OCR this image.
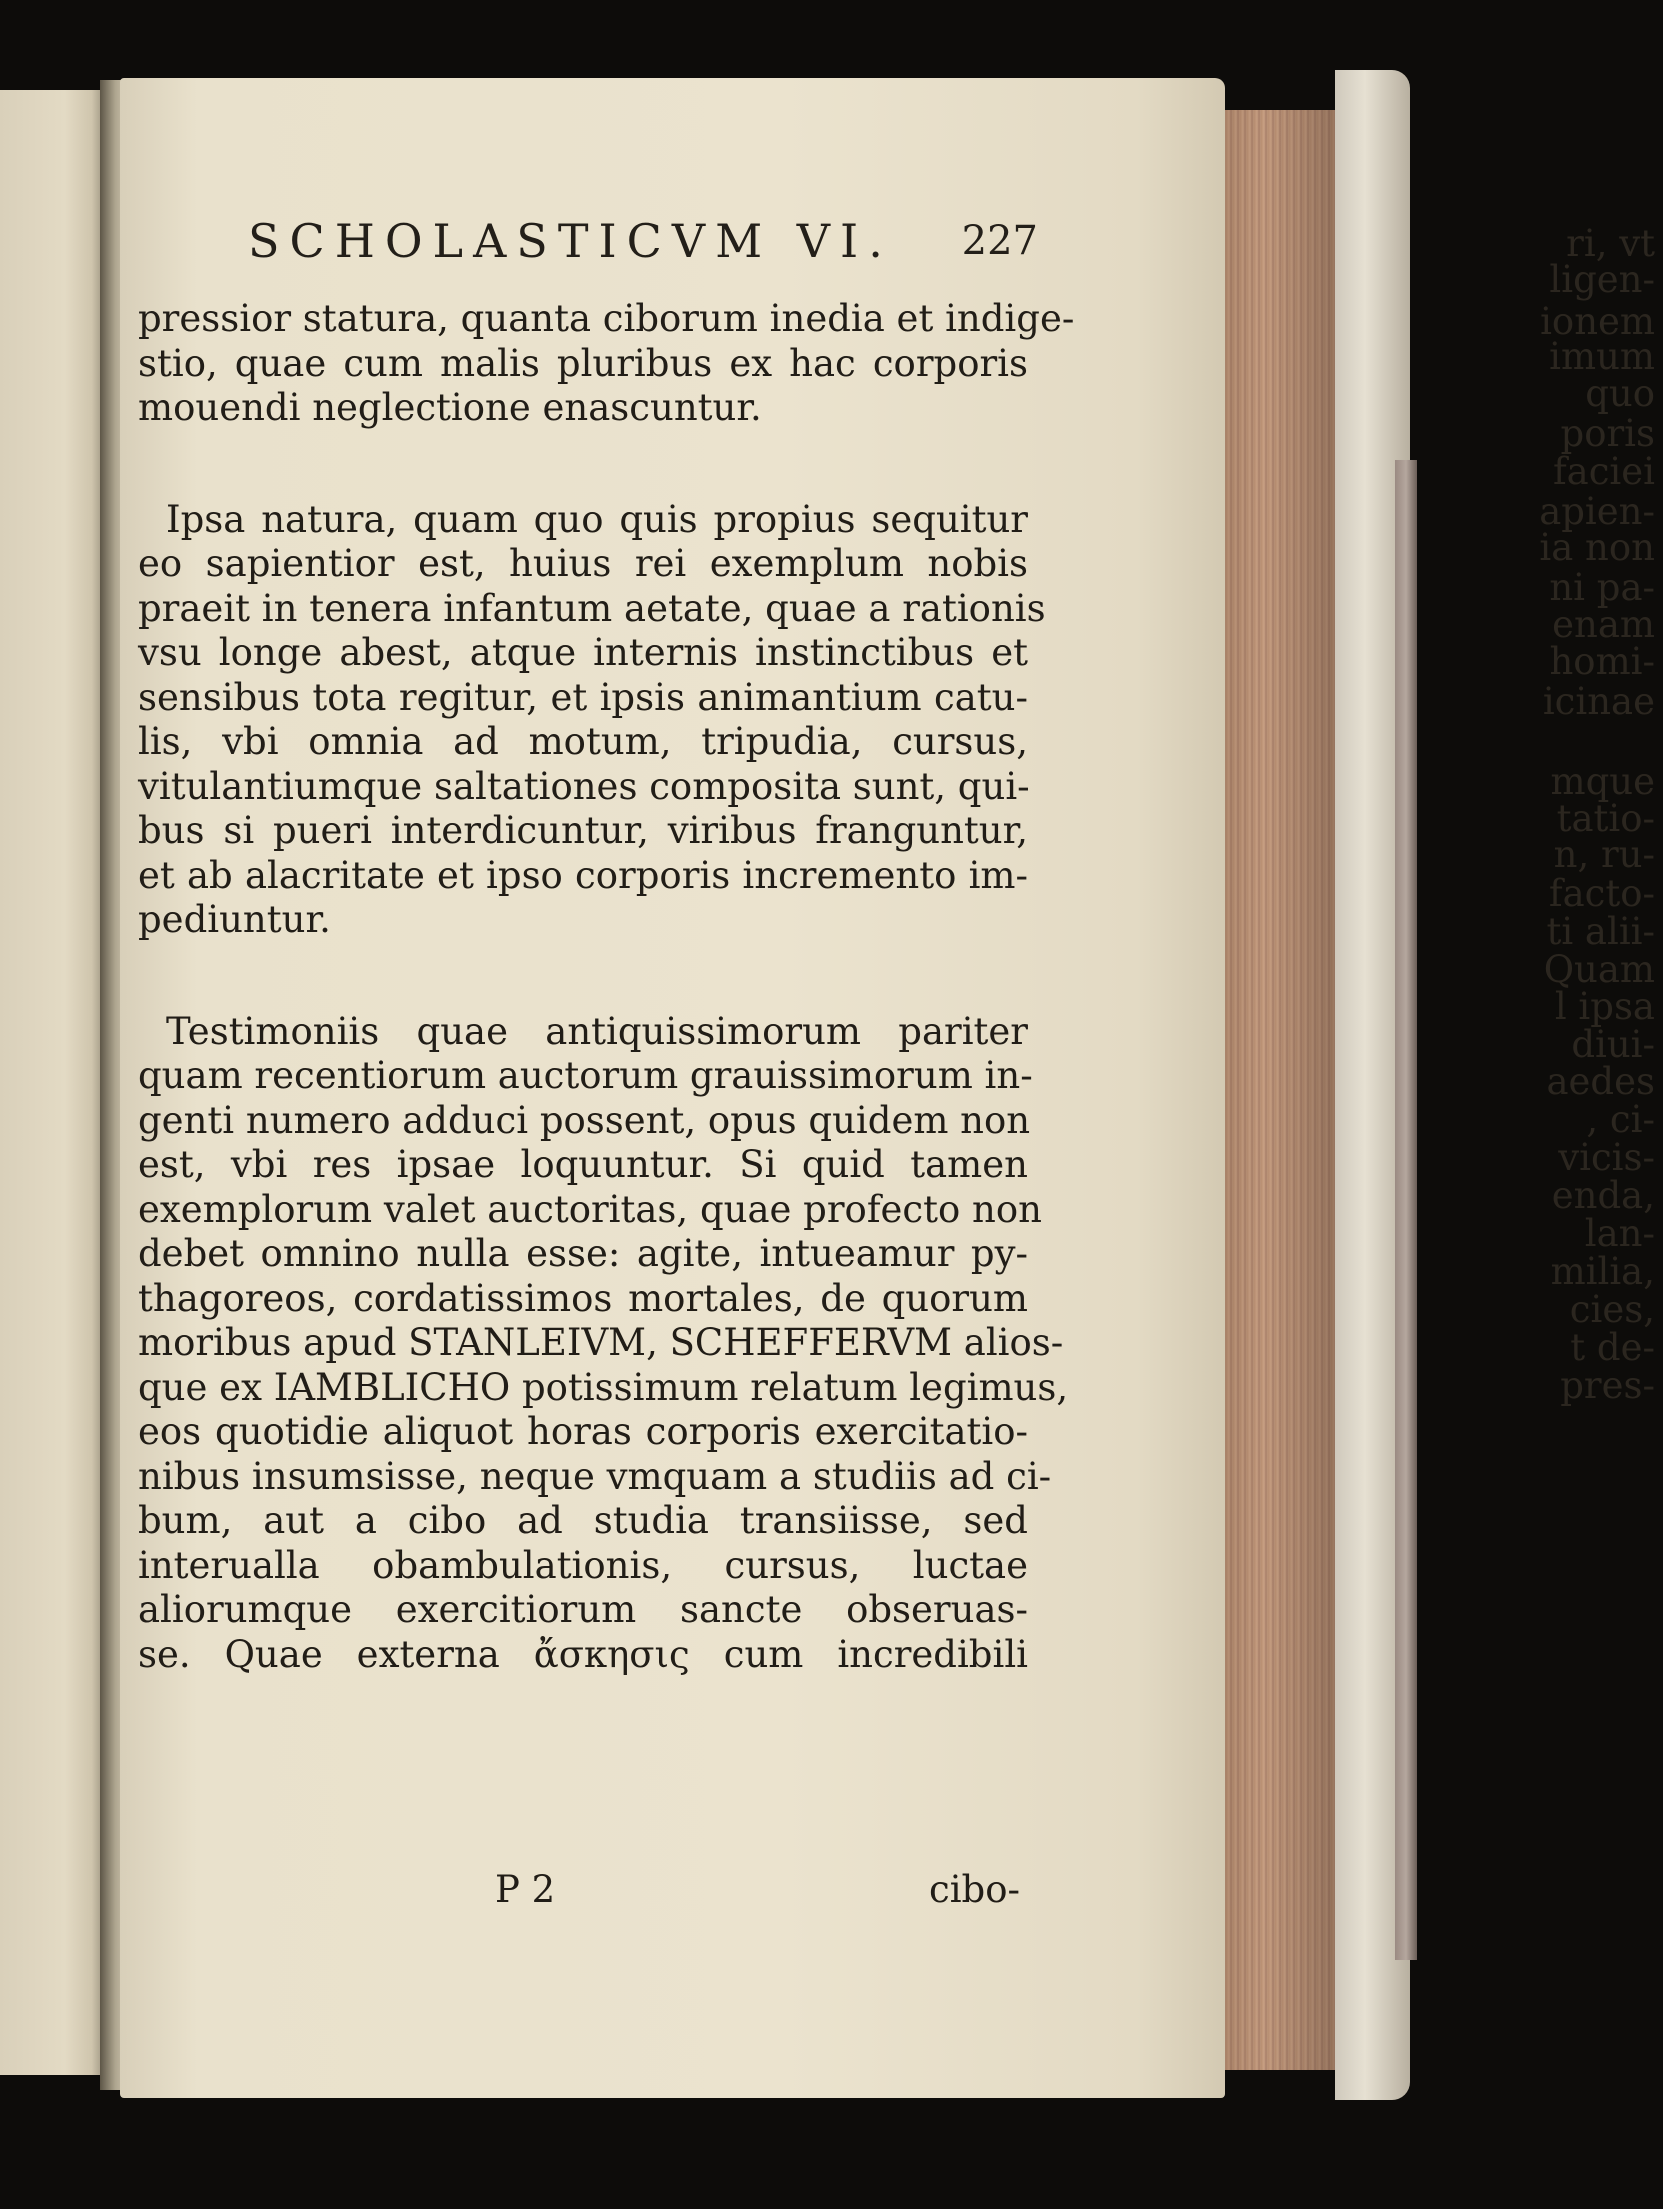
ri, vt
ligen-
ionem
imum
quo
poris
faciei
apien-
ia non
ni pa-
enam
homi-
icinae
mque
tatio-
n, ru-
facto-
ti alii-
Quam
l ipsa
diui-
aedes
, ci-
vicis-
enda,
lan-
milia,
cies,
t de-
pres-
SCHOLASTICVM VI. 227
pressior statura, quanta ciborum inedia et indige-
stio, quae cum malis pluribus ex hac corporis
mouendi neglectione enascuntur.
Ipsa natura, quam quo quis propius sequitur
eo sapientior est, huius rei exemplum nobis
praeit in tenera infantum aetate, quae a rationis
vsu longe abest, atque internis instinctibus et
sensibus tota regitur, et ipsis animantium catu-
lis, vbi omnia ad motum, tripudia, cursus,
vitulantiumque saltationes composita sunt, qui-
bus si pueri interdicuntur, viribus franguntur,
et ab alacritate et ipso corporis incremento im-
pediuntur.
Testimoniis quae antiquissimorum pariter
quam recentiorum auctorum grauissimorum in-
genti numero adduci possent, opus quidem non
est, vbi res ipsae loquuntur. Si quid tamen
exemplorum valet auctoritas, quae profecto non
debet omnino nulla esse: agite, intueamur py-
thagoreos, cordatissimos mortales, de quorum
moribus apud STANLEIVM, SCHEFFERVM alios-
que ex IAMBLICHO potissimum relatum legimus,
eos quotidie aliquot horas corporis exercitatio-
nibus insumsisse, neque vmquam a studiis ad ci-
bum, aut a cibo ad studia transiisse, sed
interualla obambulationis, cursus, luctae
aliorumque exercitiorum sancte obseruas-
se. Quae externa ἄσκησις cum incredibili
P 2	cibo-
